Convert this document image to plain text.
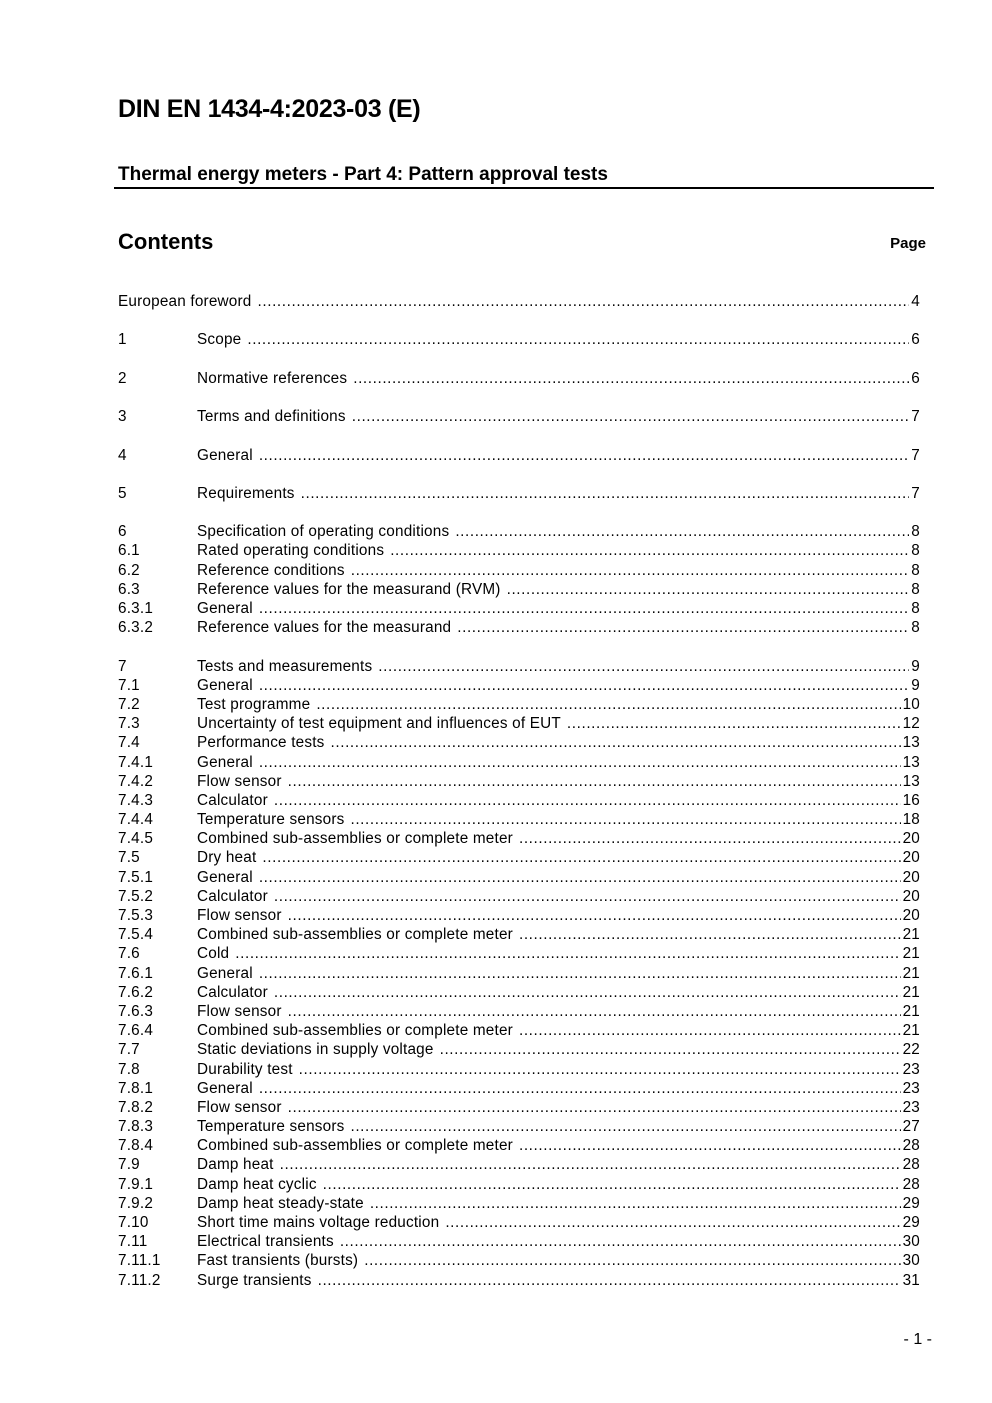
DIN EN 1434-4:2023-03 (E)
Thermal energy meters - Part 4: Pattern approval tests
Contents	Page
European foreword .....	4
1	Scope .....	6
2	Normative references .....	6
3	Terms and definitions .....	7
4	General .....	7
5	Requirements .....	7
6	Specification of operating conditions .....	8
6.1	Rated operating conditions .....	8
6.2	Reference conditions .....	8
6.3	Reference values for the measurand (RVM) .....	8
6.3.1	General .....	8
6.3.2	Reference values for the measurand .....	8
7	Tests and measurements .....	9
7.1	General .....	9
7.2	Test programme .....	10
7.3	Uncertainty of test equipment and influences of EUT .....	12
7.4	Performance tests .....	13
7.4.1	General .....	13
7.4.2	Flow sensor .....	13
7.4.3	Calculator .....	16
7.4.4	Temperature sensors .....	18
7.4.5	Combined sub-assemblies or complete meter .....	20
7.5	Dry heat .....	20
7.5.1	General .....	20
7.5.2	Calculator .....	20
7.5.3	Flow sensor .....	20
7.5.4	Combined sub-assemblies or complete meter .....	21
7.6	Cold .....	21
7.6.1	General .....	21
7.6.2	Calculator .....	21
7.6.3	Flow sensor .....	21
7.6.4	Combined sub-assemblies or complete meter .....	21
7.7	Static deviations in supply voltage .....	22
7.8	Durability test .....	23
7.8.1	General .....	23
7.8.2	Flow sensor .....	23
7.8.3	Temperature sensors .....	27
7.8.4	Combined sub-assemblies or complete meter .....	28
7.9	Damp heat .....	28
7.9.1	Damp heat cyclic .....	28
7.9.2	Damp heat steady-state .....	29
7.10	Short time mains voltage reduction .....	29
7.11	Electrical transients .....	30
7.11.1	Fast transients (bursts) .....	30
7.11.2	Surge transients .....	31
- 1 -
